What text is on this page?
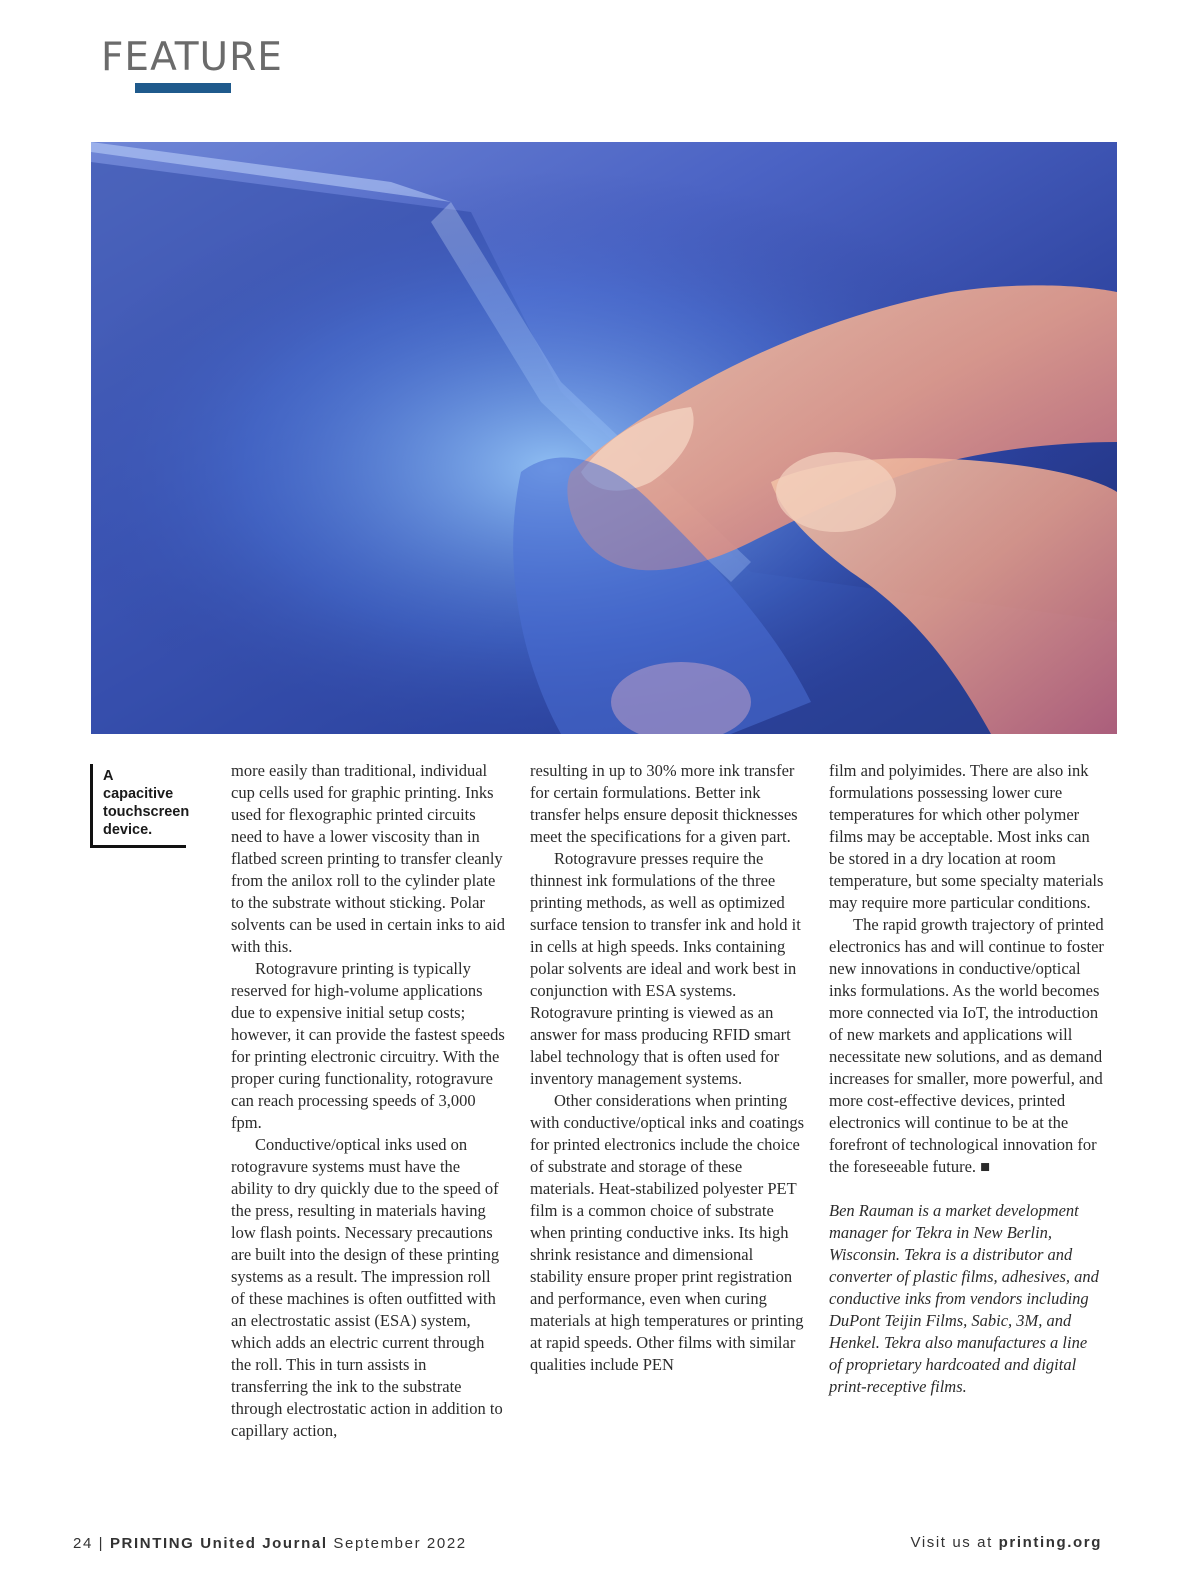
FEATURE
A capacitive touchscreen device.

more easily than traditional, individual cup cells used for graphic printing. Inks used for flexographic printed circuits need to have a lower viscosity than in flatbed screen printing to transfer cleanly from the anilox roll to the cylinder plate to the substrate without sticking. Polar solvents can be used in certain inks to aid with this.

Rotogravure printing is typically reserved for high-volume applications due to expensive initial setup costs; however, it can provide the fastest speeds for printing electronic circuitry. With the proper curing functionality, rotogravure can reach processing speeds of 3,000 fpm.

Conductive/optical inks used on rotogravure systems must have the ability to dry quickly due to the speed of the press, resulting in materials having low flash points. Necessary precautions are built into the design of these printing systems as a result. The impression roll of these machines is often outfitted with an electrostatic assist (ESA) system, which adds an electric current through the roll. This in turn assists in transferring the ink to the substrate through electrostatic action in addition to capillary action,

resulting in up to 30% more ink transfer for certain formulations. Better ink transfer helps ensure deposit thicknesses meet the specifications for a given part.

Rotogravure presses require the thinnest ink formulations of the three printing methods, as well as optimized surface tension to transfer ink and hold it in cells at high speeds. Inks containing polar solvents are ideal and work best in conjunction with ESA systems. Rotogravure printing is viewed as an answer for mass producing RFID smart label technology that is often used for inventory management systems.

Other considerations when printing with conductive/optical inks and coatings for printed electronics include the choice of substrate and storage of these materials. Heat-stabilized polyester PET film is a common choice of substrate when printing conductive inks. Its high shrink resistance and dimensional stability ensure proper print registration and performance, even when curing materials at high temperatures or printing at rapid speeds. Other films with similar qualities include PEN

film and polyimides. There are also ink formulations possessing lower cure temperatures for which other polymer films may be acceptable. Most inks can be stored in a dry location at room temperature, but some specialty materials may require more particular conditions.

The rapid growth trajectory of printed electronics has and will continue to foster new innovations in conductive/optical inks formulations. As the world becomes more connected via IoT, the introduction of new markets and applications will necessitate new solutions, and as demand increases for smaller, more powerful, and more cost-effective devices, printed electronics will continue to be at the forefront of technological innovation for the foreseeable future. ■

Ben Rauman is a market development manager for Tekra in New Berlin, Wisconsin. Tekra is a distributor and converter of plastic films, adhesives, and conductive inks from vendors including DuPont Teijin Films, Sabic, 3M, and Henkel. Tekra also manufactures a line of proprietary hardcoated and digital print-receptive films.

24 | PRINTING United Journal September 2022	Visit us at printing.org
